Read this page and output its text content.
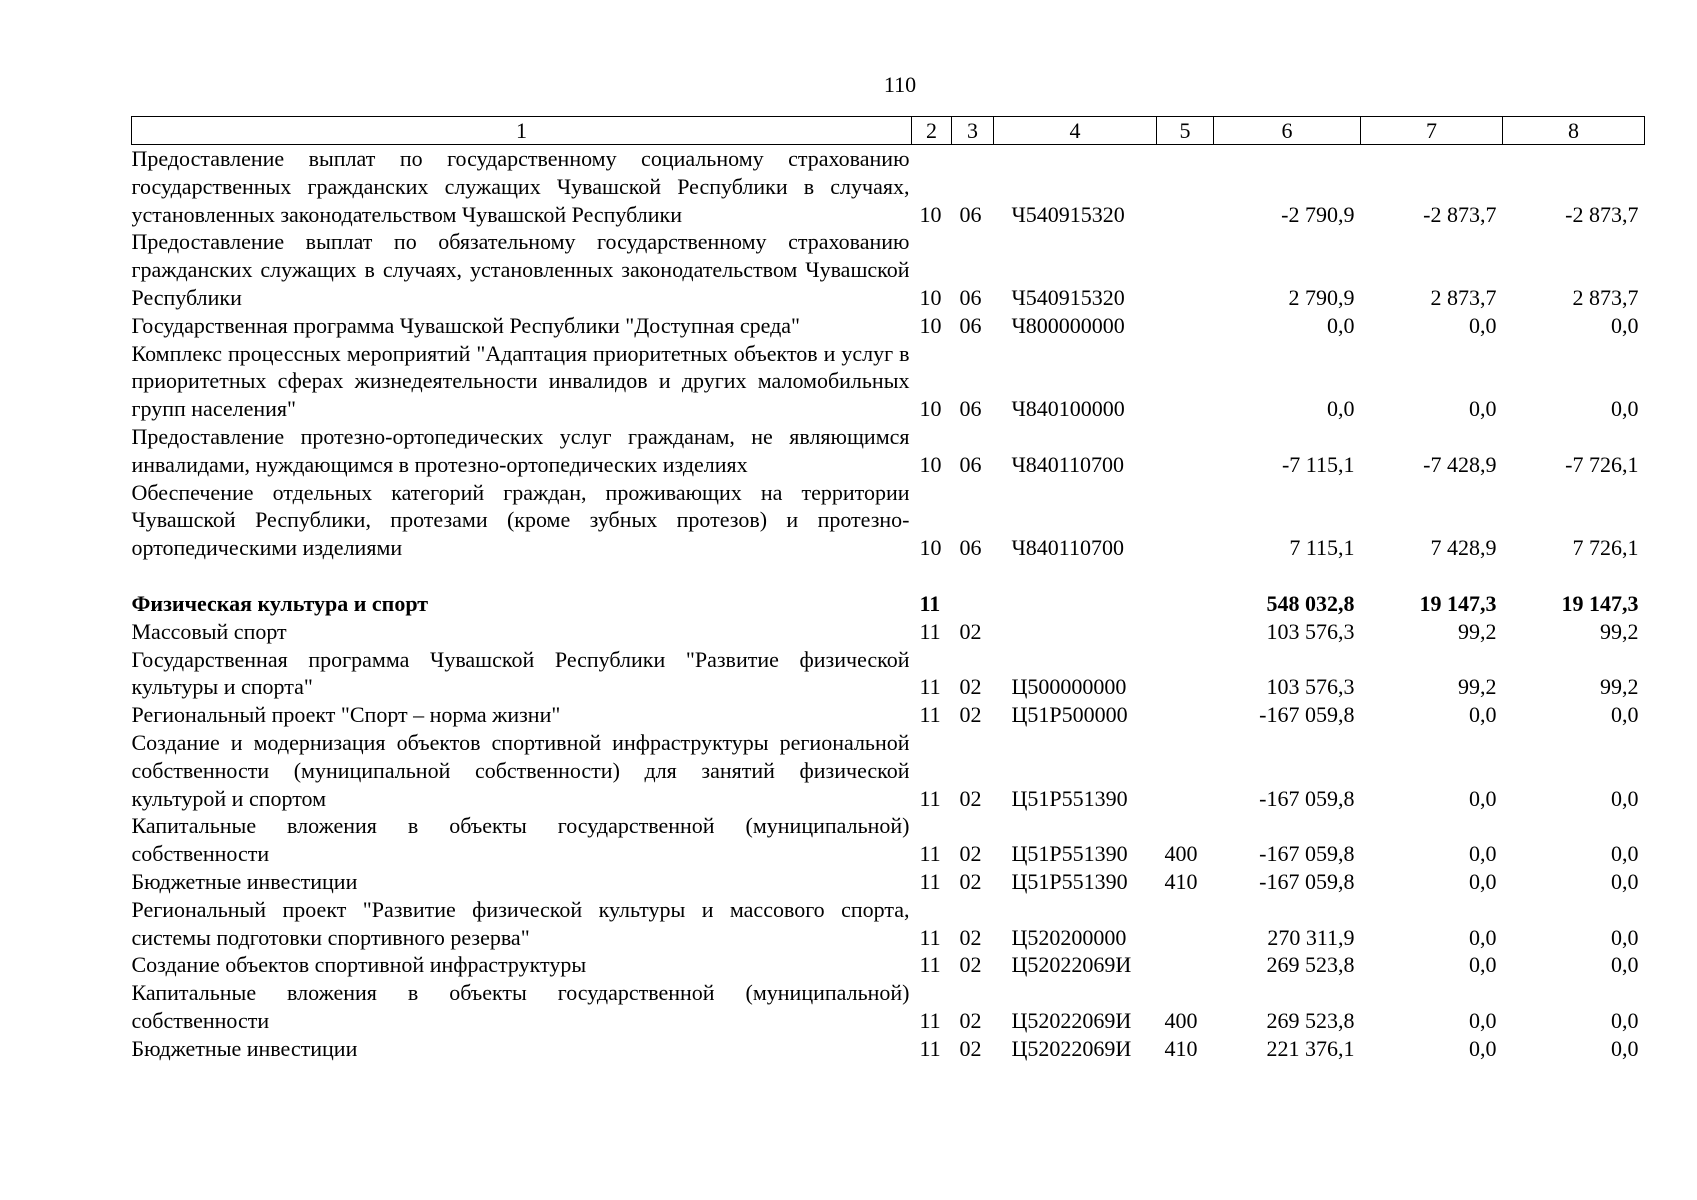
110
1	2	3	4	5	6	7	8
Предоставление выплат по государственному социальному страхованию государственных гражданских служащих Чувашской Республики в случаях, установленных законодательством Чувашской Республики	10	06	Ч540915320		-2 790,9	-2 873,7	-2 873,7
Предоставление выплат по обязательному государственному страхованию гражданских служащих в случаях, установленных законодательством Чувашской Республики	10	06	Ч540915320		2 790,9	2 873,7	2 873,7
Государственная программа Чувашской Республики "Доступная среда"	10	06	Ч800000000		0,0	0,0	0,0
Комплекс процессных мероприятий "Адаптация приоритетных объектов и услуг в приоритетных сферах жизнедеятельности инвалидов и других маломобильных групп населения"	10	06	Ч840100000		0,0	0,0	0,0
Предоставление протезно-ортопедических услуг гражданам, не являющимся инвалидами, нуждающимся в протезно-ортопедических изделиях	10	06	Ч840110700		-7 115,1	-7 428,9	-7 726,1
Обеспечение отдельных категорий граждан, проживающих на территории Чувашской Республики, протезами (кроме зубных протезов) и протезно-ортопедическими изделиями	10	06	Ч840110700		7 115,1	7 428,9	7 726,1

Физическая культура и спорт	11				548 032,8	19 147,3	19 147,3
Массовый спорт	11	02			103 576,3	99,2	99,2
Государственная программа Чувашской Республики "Развитие физической культуры и спорта"	11	02	Ц500000000		103 576,3	99,2	99,2
Региональный проект "Спорт – норма жизни"	11	02	Ц51Р500000		-167 059,8	0,0	0,0
Создание и модернизация объектов спортивной инфраструктуры региональной собственности (муниципальной собственности) для занятий физической культурой и спортом	11	02	Ц51Р551390		-167 059,8	0,0	0,0
Капитальные вложения в объекты государственной (муниципальной) собственности	11	02	Ц51Р551390	400	-167 059,8	0,0	0,0
Бюджетные инвестиции	11	02	Ц51Р551390	410	-167 059,8	0,0	0,0
Региональный проект "Развитие физической культуры и массового спорта, системы подготовки спортивного резерва"	11	02	Ц520200000		270 311,9	0,0	0,0
Создание объектов спортивной инфраструктуры	11	02	Ц52022069И		269 523,8	0,0	0,0
Капитальные вложения в объекты государственной (муниципальной) собственности	11	02	Ц52022069И	400	269 523,8	0,0	0,0
Бюджетные инвестиции	11	02	Ц52022069И	410	221 376,1	0,0	0,0
